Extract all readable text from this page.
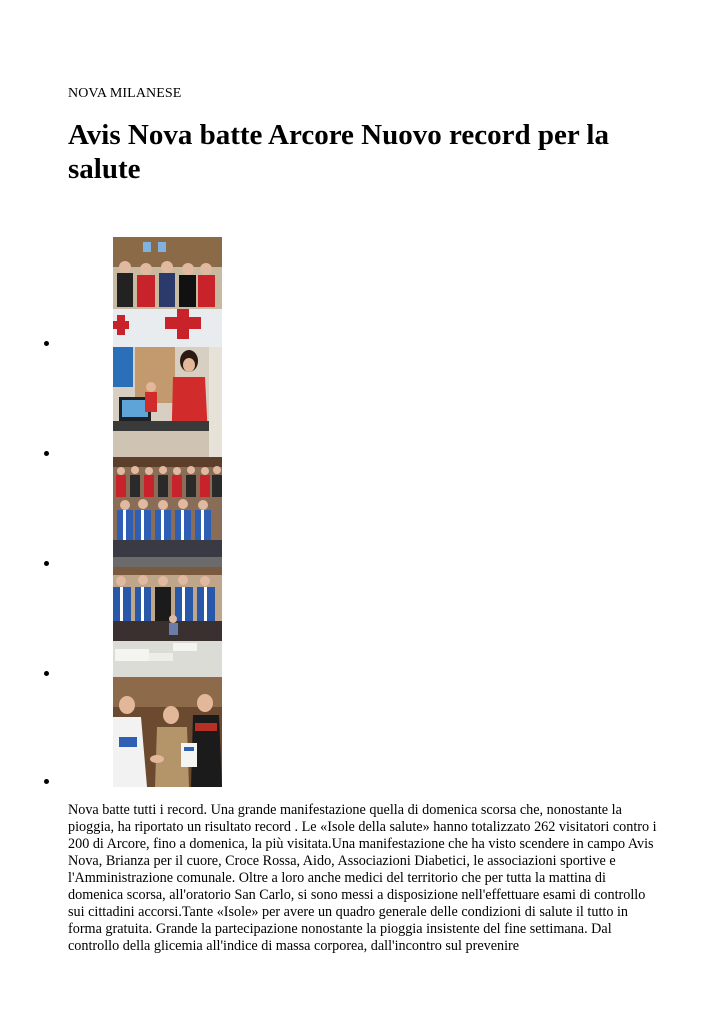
NOVA MILANESE
Avis Nova batte Arcore Nuovo record per la salute

Nova batte tutti i record. Una grande manifestazione quella di domenica scorsa che, nonostante la pioggia, ha riportato un risultato record . Le «Isole della salute» hanno totalizzato 262 visitatori contro i 200 di Arcore, fino a domenica, la più visitata.Una manifestazione che ha visto scendere in campo Avis Nova, Brianza per il cuore, Croce Rossa, Aido, Associazioni Diabetici, le associazioni sportive e l'Amministrazione comunale. Oltre a loro anche medici del territorio che per tutta la mattina di domenica scorsa, all'oratorio San Carlo, si sono messi a disposizione nell'effettuare esami di controllo sui cittadini accorsi.Tante «Isole» per avere un quadro generale delle condizioni di salute il tutto in forma gratuita. Grande la partecipazione nonostante la pioggia insistente del fine settimana. Dal controllo della glicemia all'indice di massa corporea, dall'incontro sul prevenire
